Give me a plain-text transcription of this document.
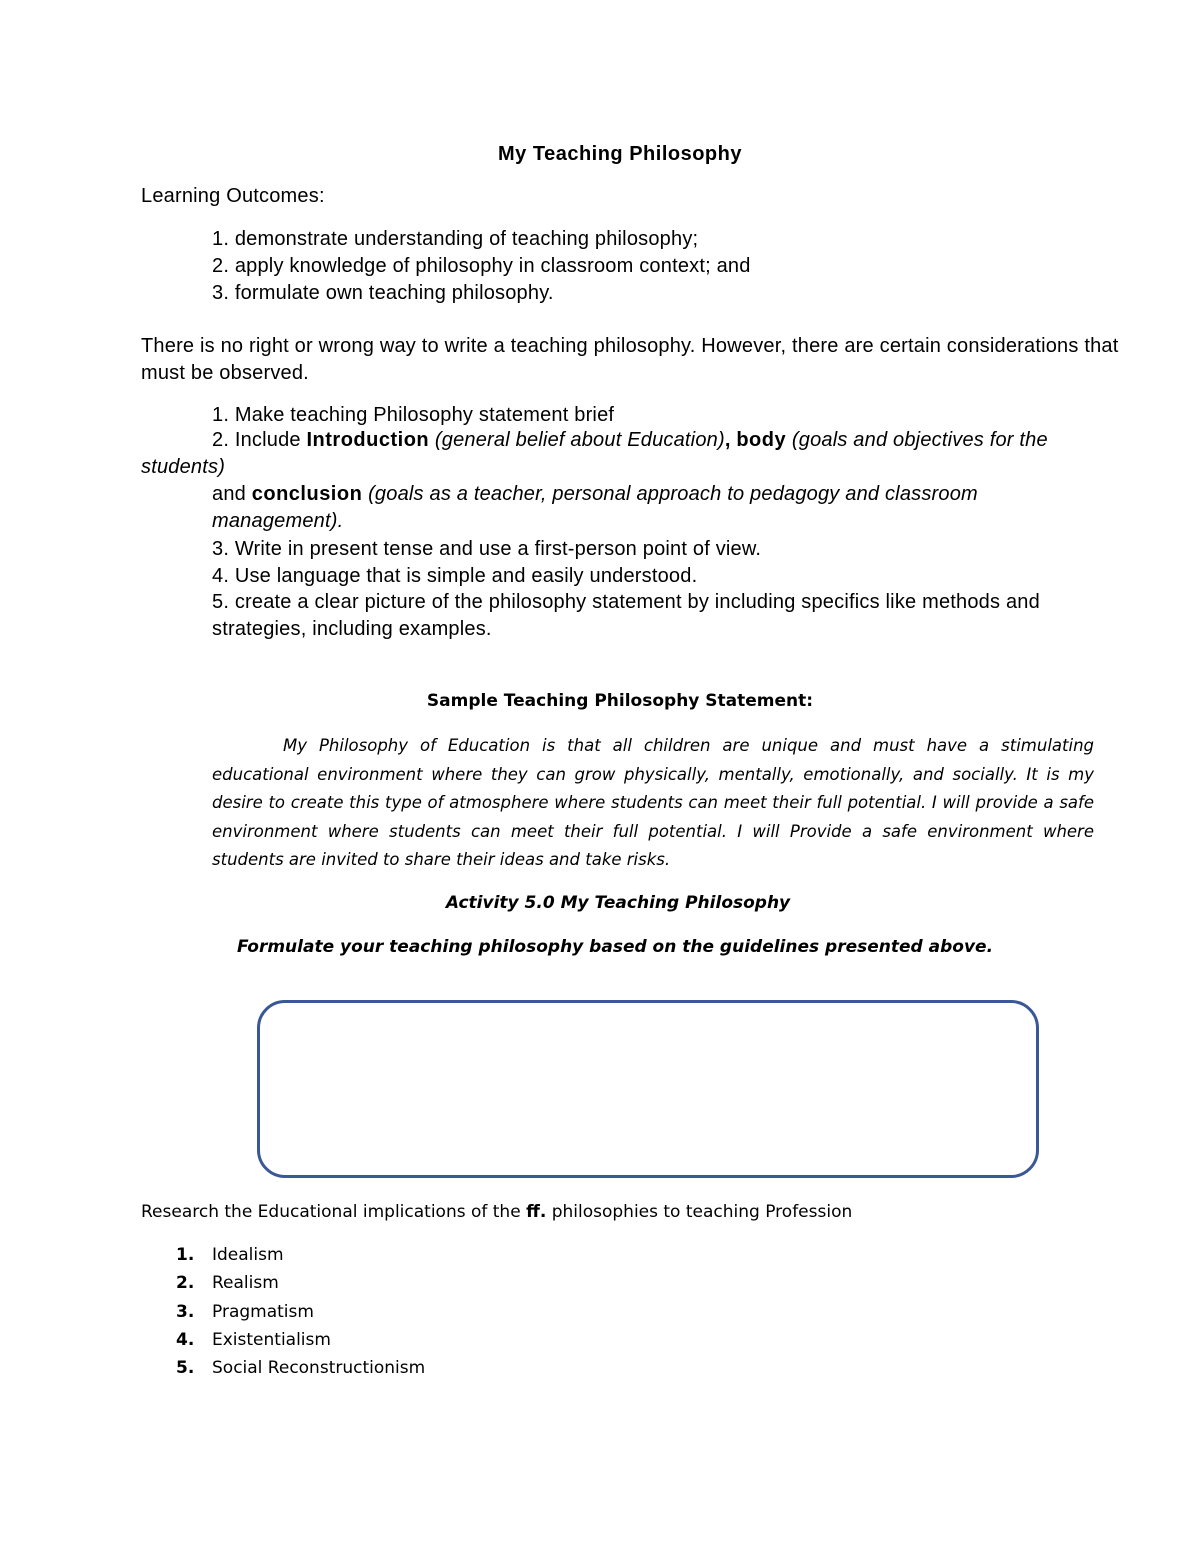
My Teaching Philosophy
Learning Outcomes:
1. demonstrate understanding of teaching philosophy;
2. apply knowledge of philosophy in classroom context; and
3. formulate own teaching philosophy.
There is no right or wrong way to write a teaching philosophy. However, there are certain considerations that must be observed.
1. Make teaching Philosophy statement brief
2. Include Introduction (general belief about Education), body (goals and objectives for the students)
and conclusion (goals as a teacher, personal approach to pedagogy and classroom management).
3. Write in present tense and use a first-person point of view.
4. Use language that is simple and easily understood.
5. create a clear picture of the philosophy statement by including specifics like methods and strategies, including examples.
Sample Teaching Philosophy Statement:
My Philosophy of Education is that all children are unique and must have a stimulating educational environment where they can grow physically, mentally, emotionally, and socially. It is my desire to create this type of atmosphere where students can meet their full potential. I will provide a safe environment where students can meet their full potential. I will Provide a safe environment where students are invited to share their ideas and take risks.
Activity 5.0 My Teaching Philosophy
Formulate your teaching philosophy based on the guidelines presented above.
Research the Educational implications of the ff. philosophies to teaching Profession
1. Idealism
2. Realism
3. Pragmatism
4. Existentialism
5. Social Reconstructionism
